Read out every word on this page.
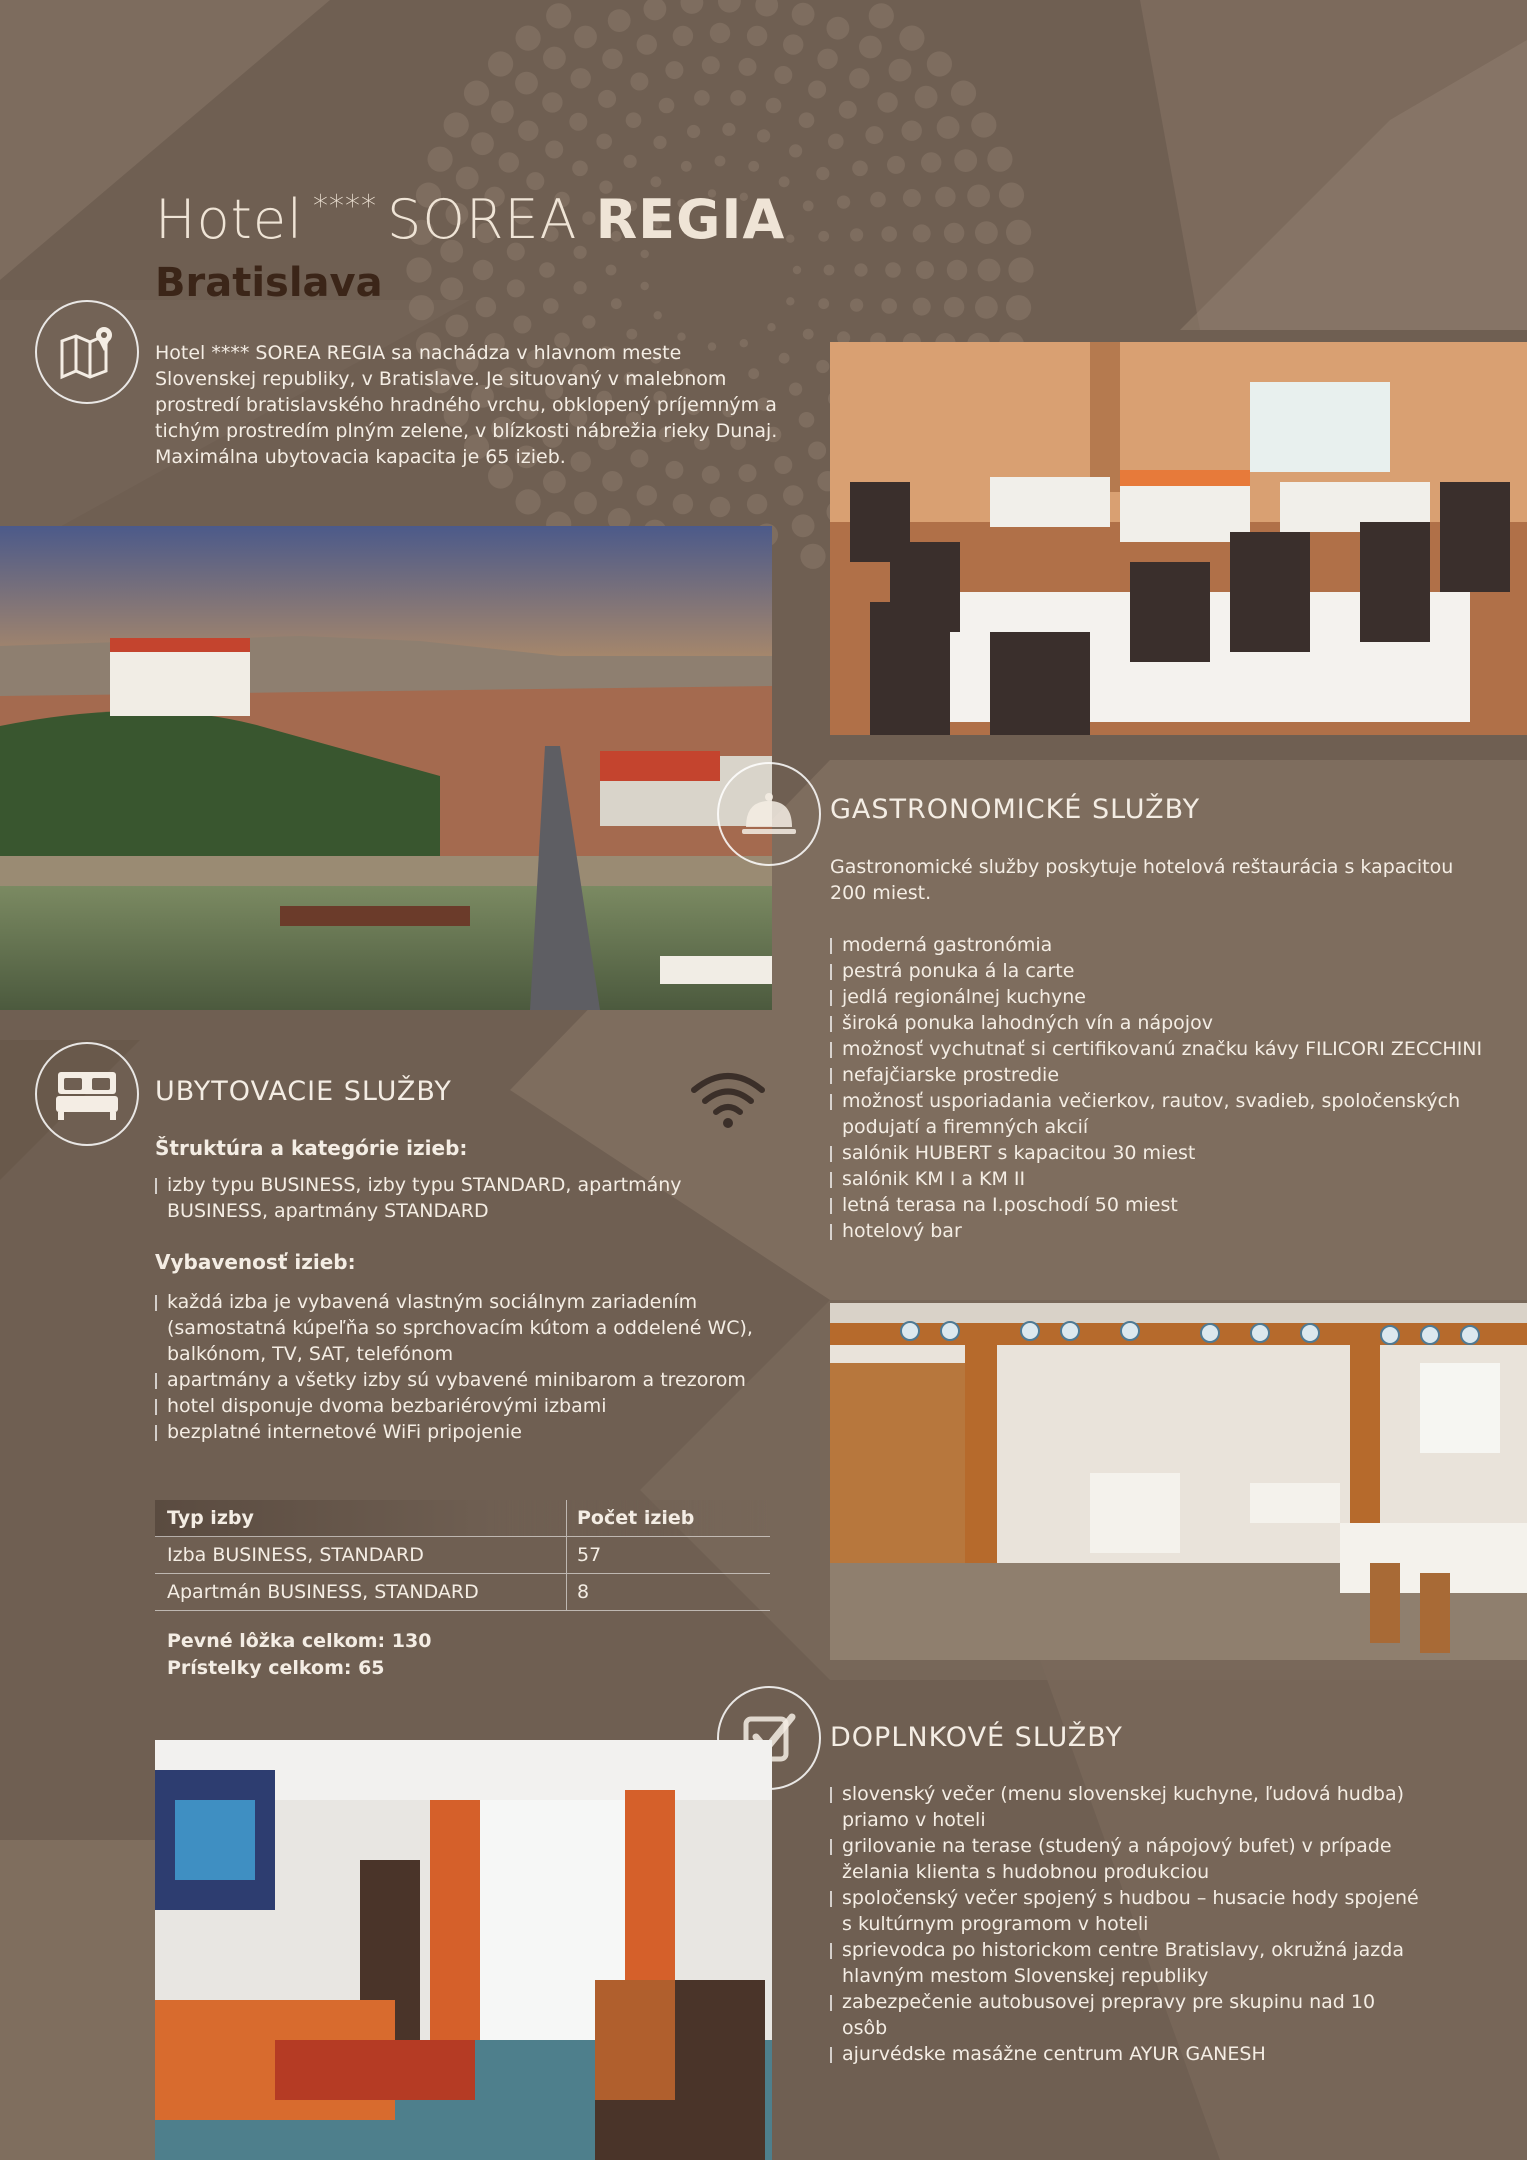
Hotel **** SOREA REGIA
Bratislava
Hotel **** SOREA REGIA sa nachádza v hlavnom meste Slovenskej republiky, v Bratislave. Je situovaný v malebnom prostredí bratislavského hradného vrchu, obklopený príjemným a tichým prostredím plným zelene, v blízkosti nábrežia rieky Dunaj. Maximálna ubytovacia kapacita je 65 izieb.
GASTRONOMICKÉ SLUŽBY
Gastronomické služby poskytuje hotelová reštaurácia s kapacitou 200 miest.
moderná gastronómia
pestrá ponuka á la carte
jedlá regionálnej kuchyne
široká ponuka lahodných vín a nápojov
možnosť vychutnať si certifikovanú značku kávy FILICORI ZECCHINI
nefajčiarske prostredie
možnosť usporiadania večierkov, rautov, svadieb, spoločenských podujatí a firemných akcií
salónik HUBERT s kapacitou 30 miest
salónik KM I a KM II
letná terasa na I.poschodí 50 miest
hotelový bar
UBYTOVACIE SLUŽBY
Štruktúra a kategórie izieb:
izby typu BUSINESS, izby typu STANDARD, apartmány BUSINESS, apartmány STANDARD
Vybavenosť izieb:
každá izba je vybavená vlastným sociálnym zariadením (samostatná kúpeľňa so sprchovacím kútom a oddelené WC), balkónom, TV, SAT, telefónom
apartmány a všetky izby sú vybavené minibarom a trezorom
hotel disponuje dvoma bezbariérovými izbami
bezplatné internetové WiFi pripojenie
Typ izby	Počet izieb
Izba BUSINESS, STANDARD	57
Apartmán BUSINESS, STANDARD	8
Pevné lôžka celkom: 130
Prístelky celkom: 65
DOPLNKOVÉ SLUŽBY
slovenský večer (menu slovenskej kuchyne, ľudová hudba) priamo v hoteli
grilovanie na terase (studený a nápojový bufet) v prípade želania klienta s hudobnou produkciou
spoločenský večer spojený s hudbou – husacie hody spojené s kultúrnym programom v hoteli
sprievodca po historickom centre Bratislavy, okružná jazda hlavným mestom Slovenskej republiky
zabezpečenie autobusovej prepravy pre skupinu nad 10 osôb
ajurvédske masážne centrum AYUR GANESH
